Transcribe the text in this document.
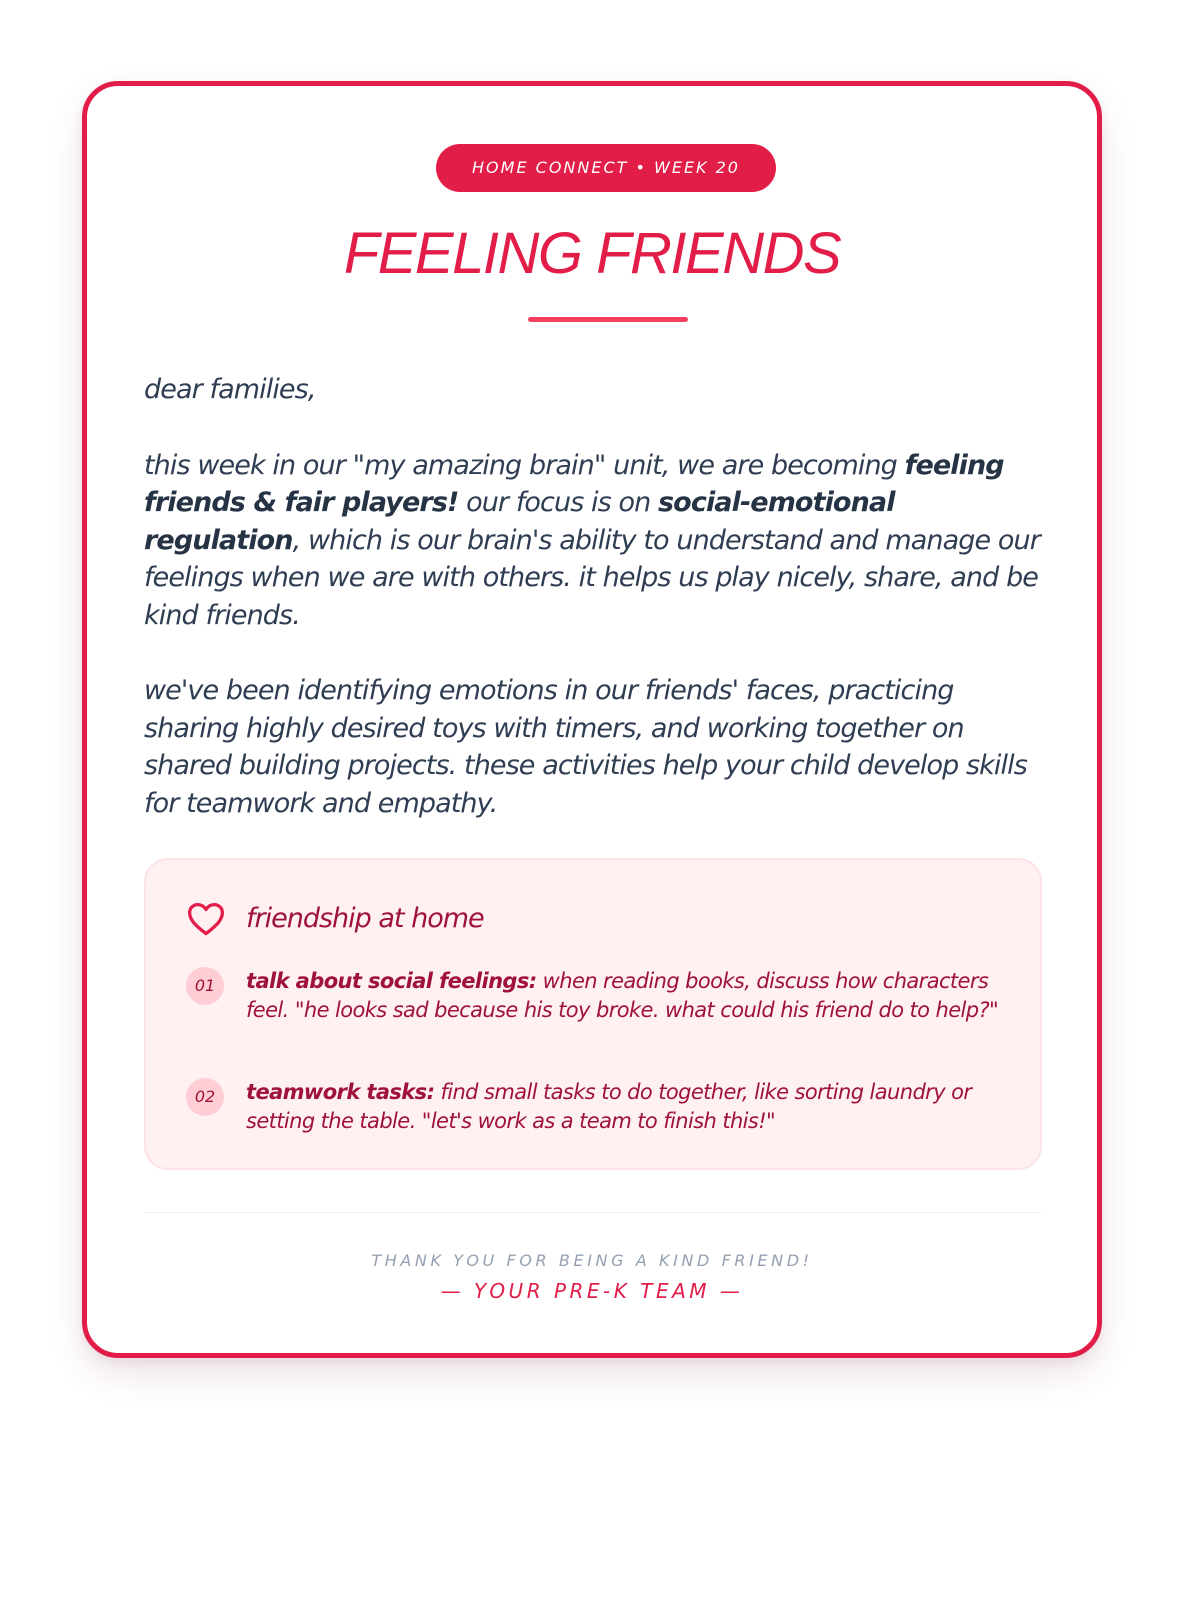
HOME CONNECT • WEEK 20
FEELING FRIENDS

dear families,

this week in our "my amazing brain" unit, we are becoming feeling friends & fair players! our focus is on social-emotional regulation, which is our brain's ability to understand and manage our feelings when we are with others. it helps us play nicely, share, and be kind friends.

we've been identifying emotions in our friends' faces, practicing sharing highly desired toys with timers, and working together on shared building projects. these activities help your child develop skills for teamwork and empathy.

friendship at home
01	talk about social feelings: when reading books, discuss how characters feel. "he looks sad because his toy broke. what could his friend do to help?"
02	teamwork tasks: find small tasks to do together, like sorting laundry or setting the table. "let's work as a team to finish this!"
THANK YOU FOR BEING A KIND FRIEND!
— YOUR PRE-K TEAM —
